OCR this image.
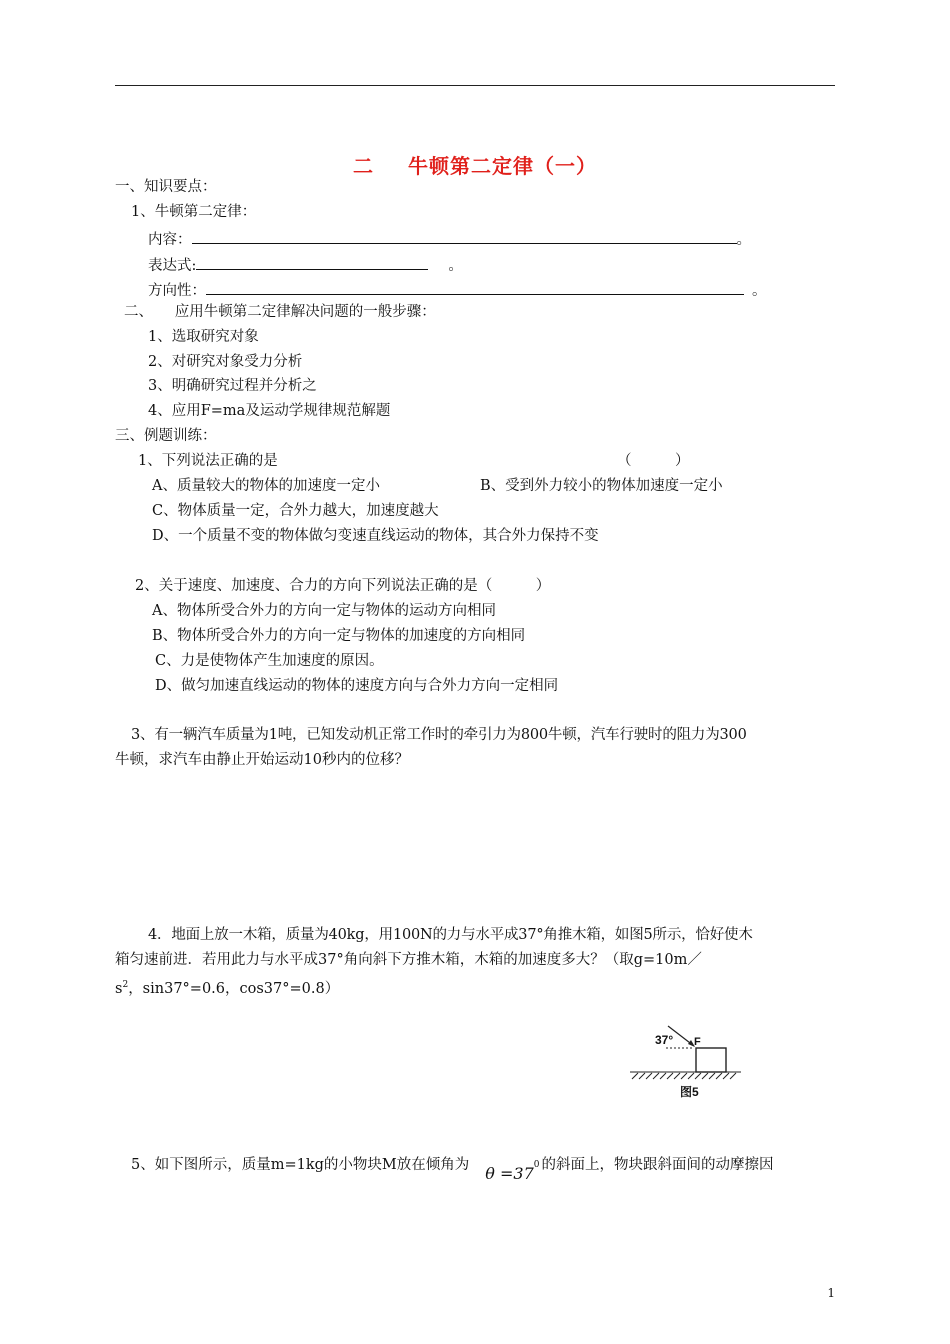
二 牛顿第二定律（一）
一、知识要点：
1、牛顿第二定律：
内容：	。
表达式:	。
方向性：	。
二、　　应用牛顿第二定律解决问题的一般步骤：
1、选取研究对象
2、对研究对象受力分析
3、明确研究过程并分析之
4、应用F=ma及运动学规律规范解题
三、例题训练：
1、下列说法正确的是	（　　　）
A、质量较大的物体的加速度一定小	B、受到外力较小的物体加速度一定小
C、物体质量一定，合外力越大，加速度越大
D、一个质量不变的物体做匀变速直线运动的物体，其合外力保持不变
2、关于速度、加速度、合力的方向下列说法正确的是（　　　）
A、物体所受合外力的方向一定与物体的运动方向相同
B、物体所受合外力的方向一定与物体的加速度的方向相同
C、力是使物体产生加速度的原因。
D、做匀加速直线运动的物体的速度方向与合外力方向一定相同
3、有一辆汽车质量为1吨，已知发动机正常工作时的牵引力为800牛顿，汽车行驶时的阻力为300
牛顿，求汽车由静止开始运动10秒内的位移？
4．地面上放一木箱，质量为40kg，用100N的力与水平成37°角推木箱，如图5所示，恰好使木
箱匀速前进．若用此力与水平成37°角向斜下方推木箱，木箱的加速度多大？（取g=10m／
$s^2$，sin37°=0.6，cos37°=0.8）
37° F
图5
5、如下图所示，质量m=1kg的小物块M放在倾角为 $\theta =37^0$ 的斜面上，物块跟斜面间的动摩擦因
1
